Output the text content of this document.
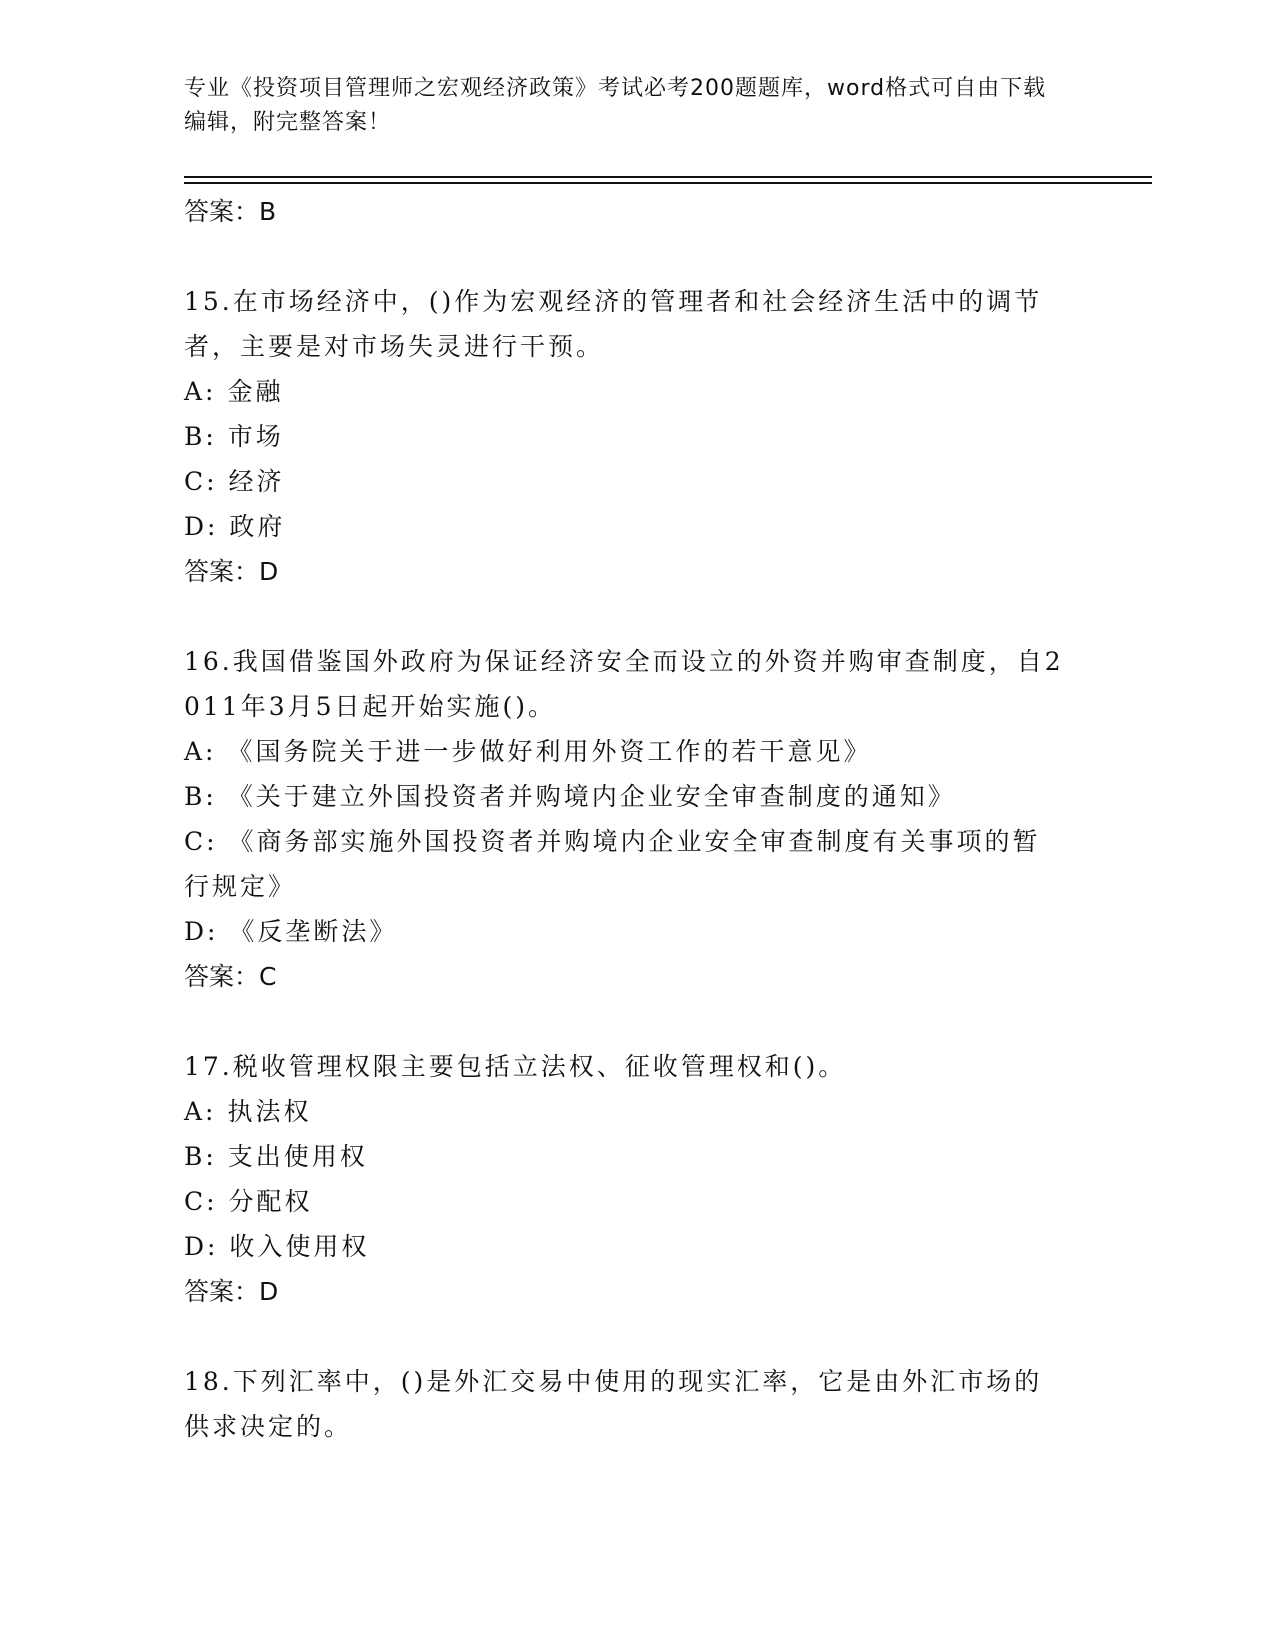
专业《投资项目管理师之宏观经济政策》考试必考200题题库，word格式可自由下载编辑，附完整答案！
答案：B
15.在市场经济中，()作为宏观经济的管理者和社会经济生活中的调节者，主要是对市场失灵进行干预。
A: 金融
B: 市场
C: 经济
D: 政府
答案：D
16.我国借鉴国外政府为保证经济安全而设立的外资并购审查制度，自2011年3月5日起开始实施()。
A: 《国务院关于进一步做好利用外资工作的若干意见》
B: 《关于建立外国投资者并购境内企业安全审查制度的通知》
C: 《商务部实施外国投资者并购境内企业安全审查制度有关事项的暂行规定》
D: 《反垄断法》
答案：C
17.税收管理权限主要包括立法权、征收管理权和()。
A: 执法权
B: 支出使用权
C: 分配权
D: 收入使用权
答案：D
18.下列汇率中，()是外汇交易中使用的现实汇率，它是由外汇市场的供求决定的。
